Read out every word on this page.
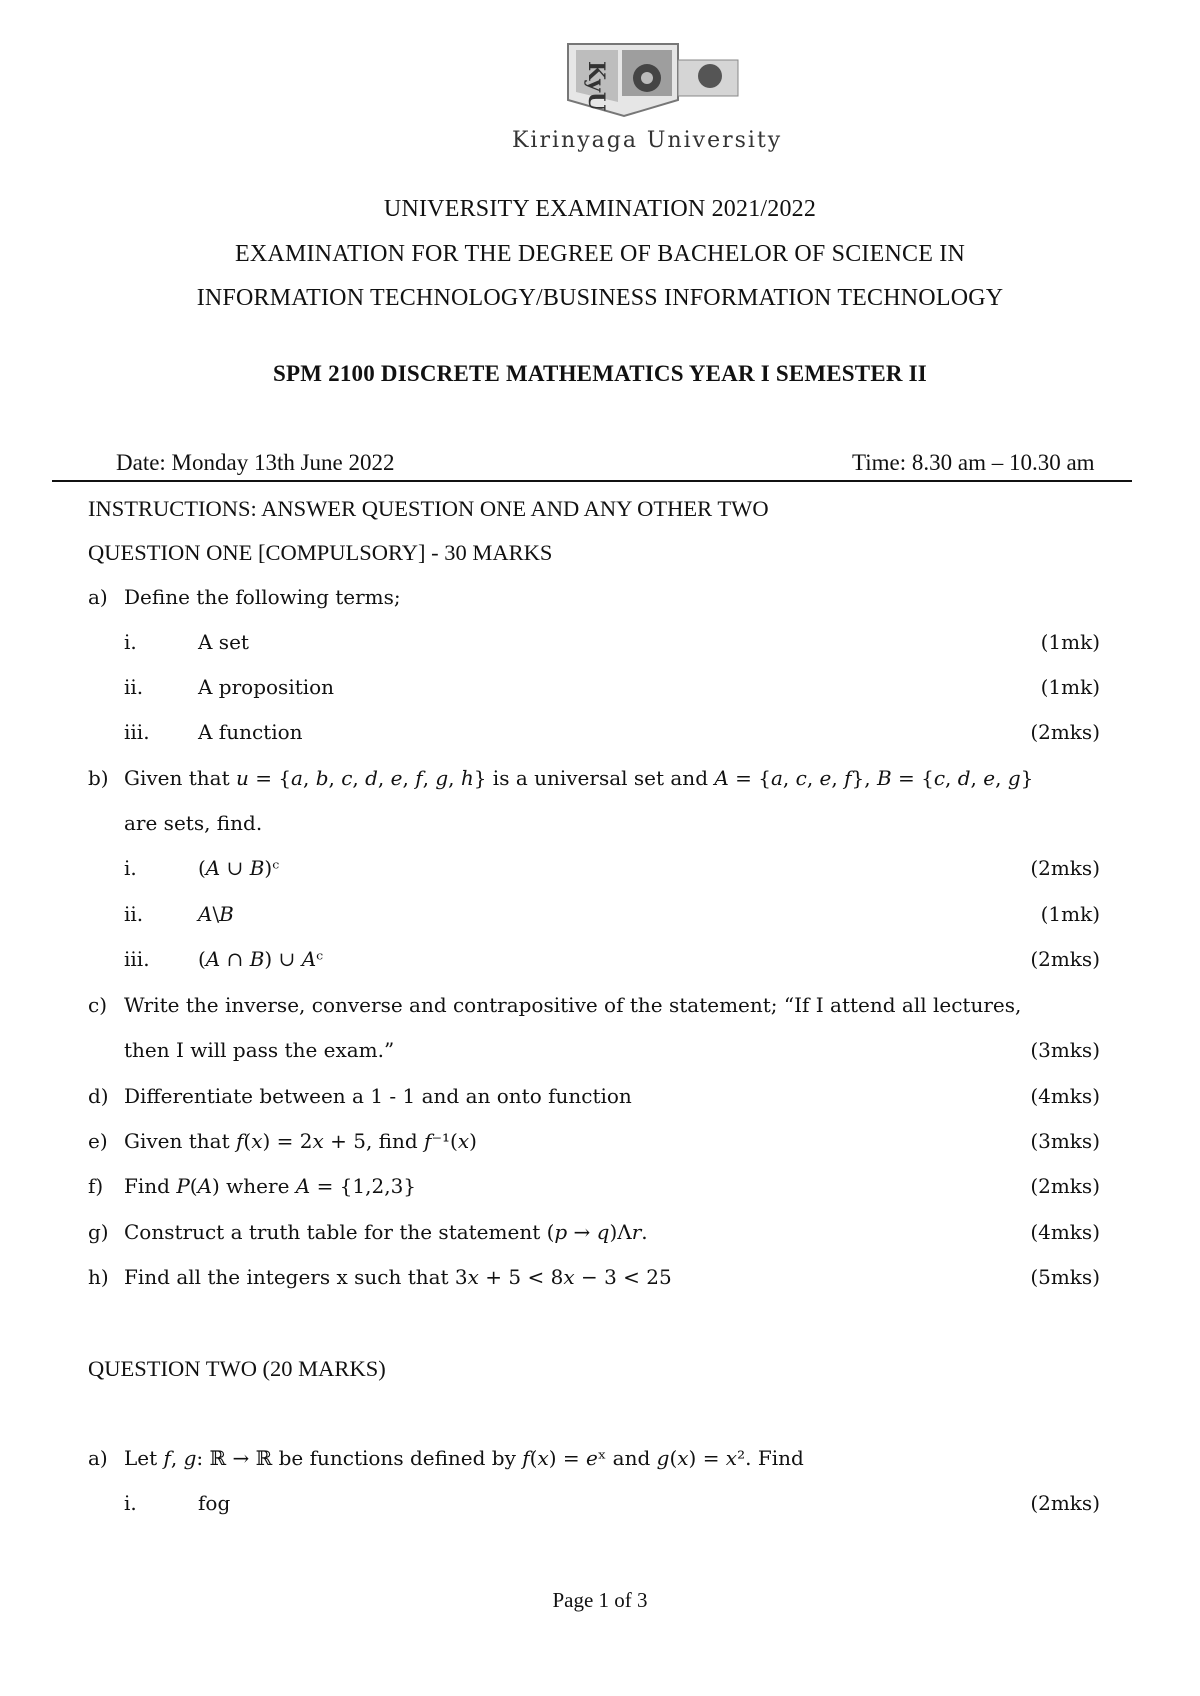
KyU
Kirinyaga University
UNIVERSITY EXAMINATION 2021/2022
EXAMINATION FOR THE DEGREE OF BACHELOR OF SCIENCE IN
INFORMATION TECHNOLOGY/BUSINESS INFORMATION TECHNOLOGY
SPM 2100 DISCRETE MATHEMATICS YEAR I SEMESTER II
Date: Monday 13th June 2022	Time: 8.30 am – 10.30 am
INSTRUCTIONS: ANSWER QUESTION ONE AND ANY OTHER TWO
QUESTION ONE [COMPULSORY] - 30 MARKS
a) Define the following terms;
i.	A set	(1mk)
ii.	A proposition	(1mk)
iii. A function	(2mks)
b) Given that 𝑢 = {𝑎, 𝑏, 𝑐, 𝑑, 𝑒, 𝑓, 𝑔, ℎ} is a universal set and 𝐴 = {𝑎, 𝑐, 𝑒, 𝑓}, 𝐵 = {𝑐, 𝑑, 𝑒, 𝑔}
are sets, find.
i.	(𝐴 ∪ 𝐵)ᶜ	(2mks)
ii.	𝐴\𝐵	(1mk)
iii. (𝐴 ∩ 𝐵) ∪ 𝐴ᶜ	(2mks)
c) Write the inverse, converse and contrapositive of the statement; “If I attend all lectures,
then I will pass the exam.”	(3mks)
d) Differentiate between a 1 - 1 and an onto function	(4mks)
e) Given that 𝑓(𝑥) = 2𝑥 + 5, find 𝑓⁻¹(𝑥)	(3mks)
f) Find 𝑃(𝐴) where 𝐴 = {1,2,3}	(2mks)
g) Construct a truth table for the statement (𝑝 → 𝑞)Λ𝑟.	(4mks)
h) Find all the integers x such that 3𝑥 + 5 < 8𝑥 − 3 < 25	(5mks)
QUESTION TWO (20 MARKS)
a) Let 𝑓, 𝑔: ℝ → ℝ be functions defined by 𝑓(𝑥) = 𝑒ˣ and 𝑔(𝑥) = 𝑥². Find
i.	fog	(2mks)
Page 1 of 3
